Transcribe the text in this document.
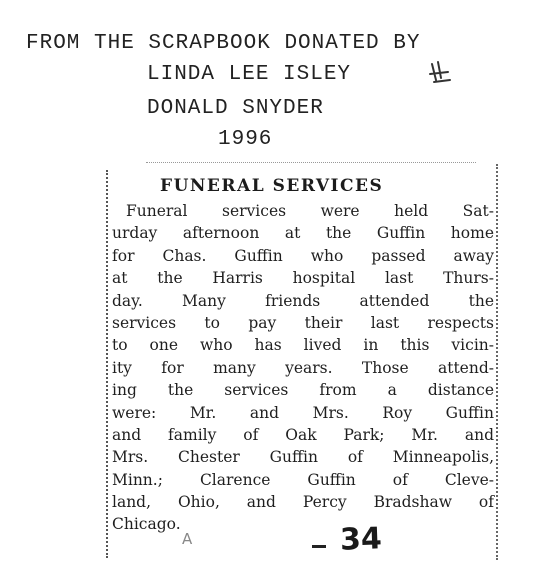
FROM THE SCRAPBOOK DONATED BY
LINDA LEE ISLEY
DONALD SNYDER
1996
FUNERAL SERVICES
Funeral services were held Sat-
urday afternoon at the Guffin home
for Chas. Guffin who passed away
at the Harris hospital last Thurs-
day. Many friends attended the
services to pay their last respects
to one who has lived in this vicin-
ity for many years. Those attend-
ing the services from a distance
were: Mr. and Mrs. Roy Guffin
and family of Oak Park; Mr. and
Mrs. Chester Guffin of Minneapolis,
Minn.; Clarence Guffin of Cleve-
land, Ohio, and Percy Bradshaw of
Chicago.
A	34
